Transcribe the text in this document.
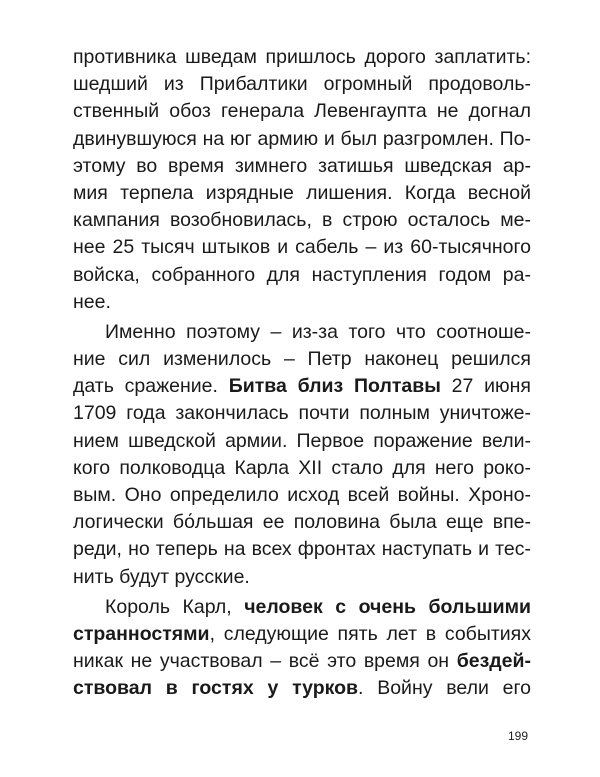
противника шведам пришлось дорого заплатить:
шедший из Прибалтики огромный продоволь-
ственный обоз генерала Левенгаупта не догнал
двинувшуюся на юг армию и был разгромлен. По-
этому во время зимнего затишья шведская ар-
мия терпела изрядные лишения. Когда весной
кампания возобновилась, в строю осталось ме-
нее 25 тысяч штыков и сабель – из 60-тысячного
войска, собранного для наступления годом ра-
нее.
Именно поэтому – из-за того что соотноше-
ние сил изменилось – Петр наконец решился
дать сражение. Битва близ Полтавы 27 июня
1709 года закончилась почти полным уничтоже-
нием шведской армии. Первое поражение вели-
кого полководца Карла XII стало для него роко-
вым. Оно определило исход всей войны. Хроно-
логически бо́льшая ее половина была еще впе-
реди, но теперь на всех фронтах наступать и тес-
нить будут русские.
Король Карл, человек с очень большими
странностями, следующие пять лет в событиях
никак не участвовал – всё это время он бездей-
ствовал в гостях у турков. Войну вели его
199
